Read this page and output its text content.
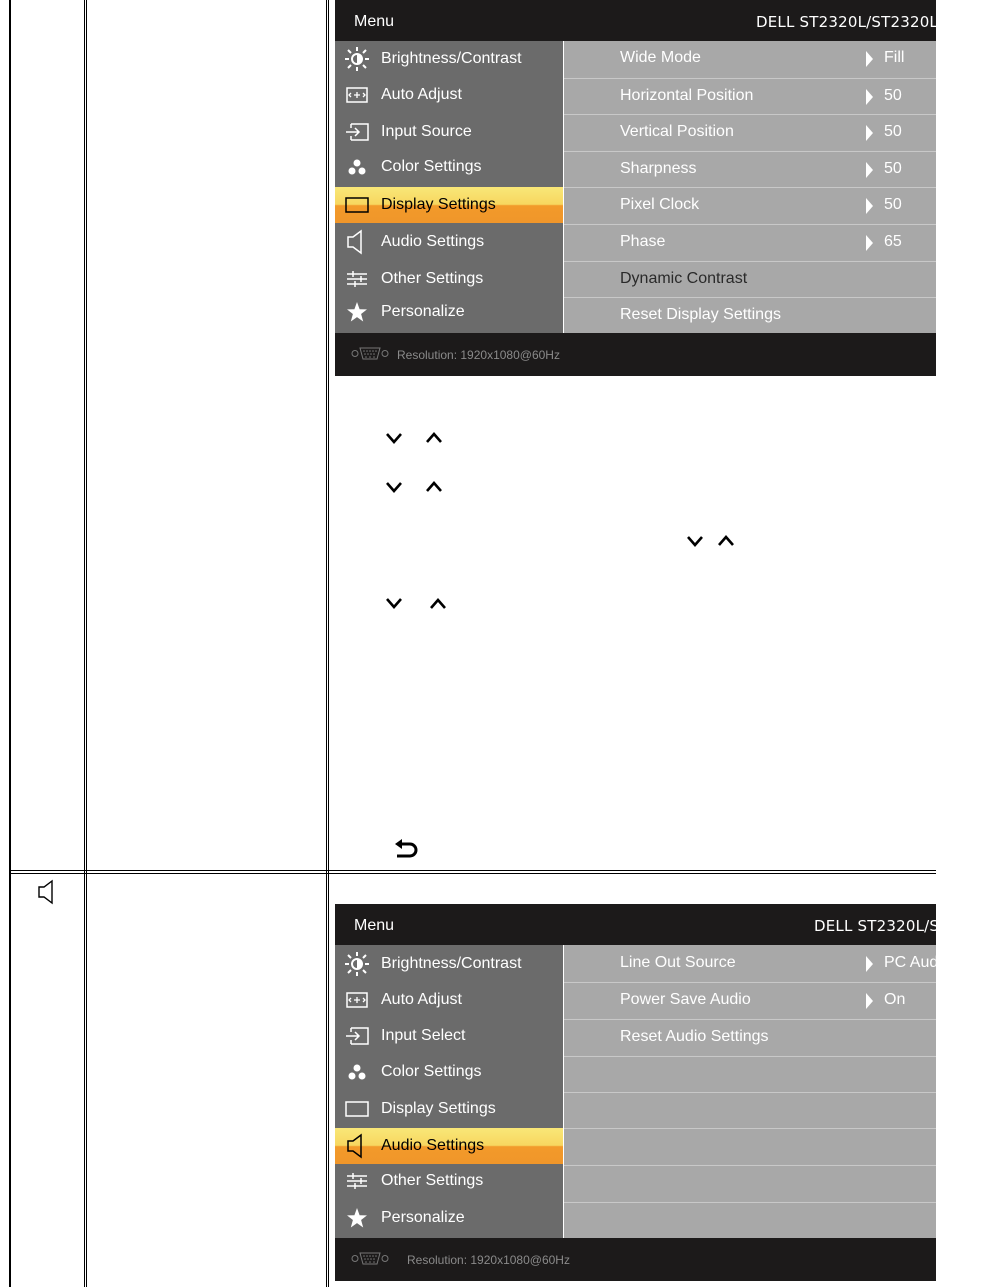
Menu	DELL ST2320L/ST2320L
Brightness/Contrast
Auto Adjust
Input Source
Color Settings
Display Settings
Audio Settings
Other Settings
Personalize
Wide Mode	Fill
Horizontal Position	50
Vertical Position	50
Sharpness	50
Pixel Clock	50
Phase	65
Dynamic Contrast
Reset Display Settings
Resolution: 1920x1080@60Hz
Menu	DELL ST2320L/ST2320L
Brightness/Contrast
Auto Adjust
Input Select
Color Settings
Display Settings
Audio Settings
Other Settings
Personalize
Line Out Source	PC Audio
Power Save Audio	On
Reset Audio Settings
Resolution: 1920x1080@60Hz
